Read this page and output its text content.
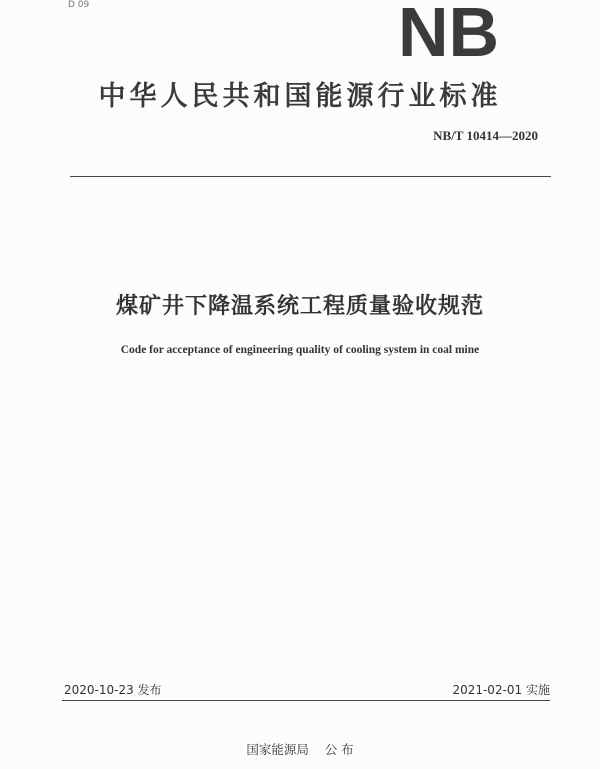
D 09	NB
中华人民共和国能源行业标准
NB/T 10414—2020
煤矿井下降温系统工程质量验收规范
Code for acceptance of engineering quality of cooling system in coal mine
2020-10-23 发布	2021-02-01 实施
国家能源局    公 布
